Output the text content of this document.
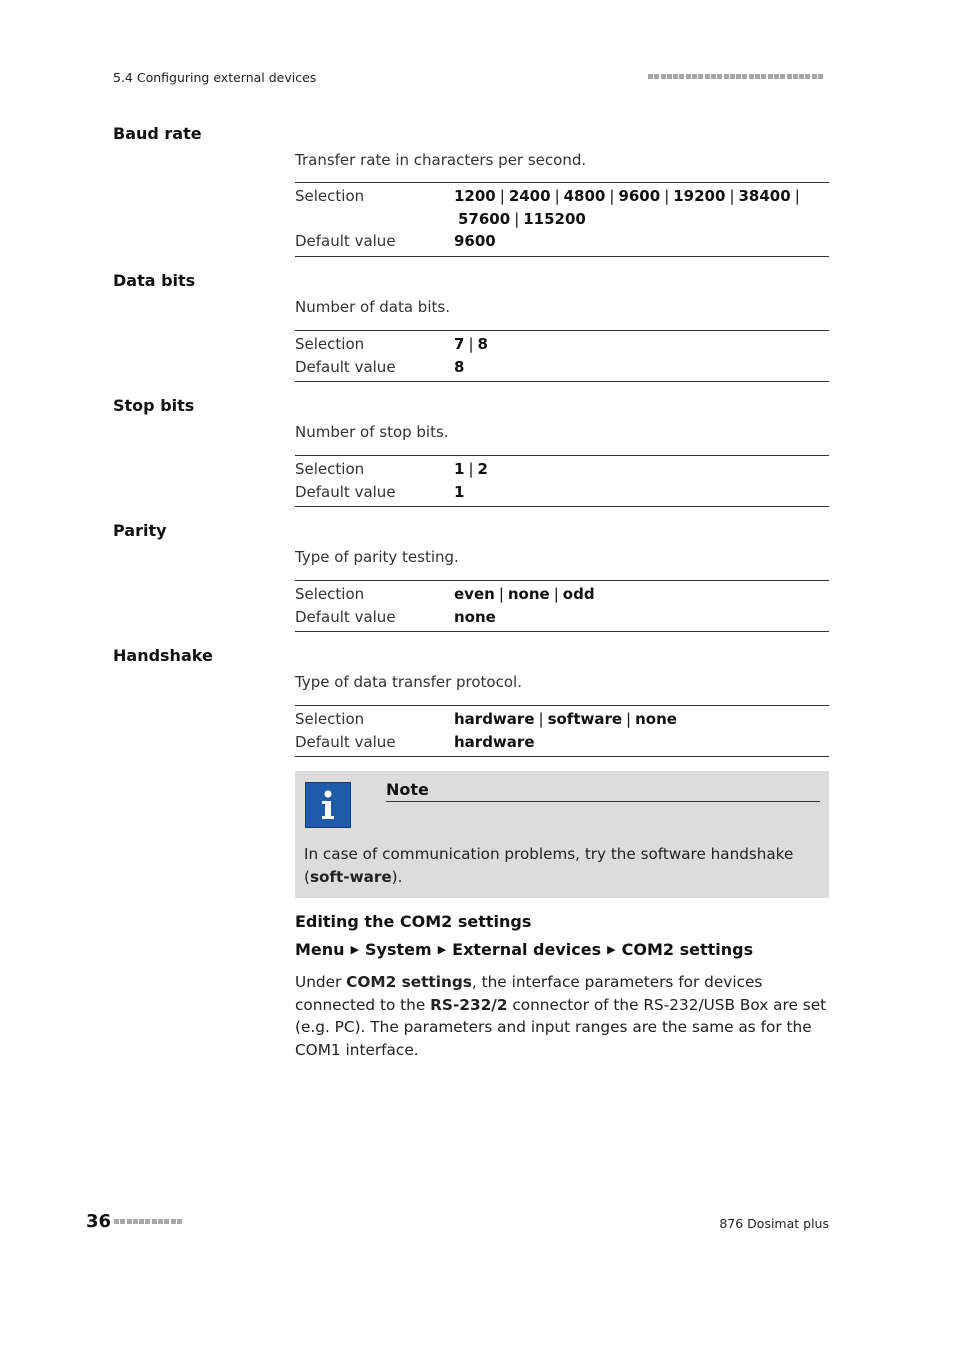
5.4 Configuring external devices
Baud rate
Transfer rate in characters per second.
Selection	1200 | 2400 | 4800 | 9600 | 19200 | 38400 |
57600 | 115200
Default value	9600
Data bits
Number of data bits.
Selection	7 | 8
Default value	8
Stop bits
Number of stop bits.
Selection	1 | 2
Default value	1
Parity
Type of parity testing.
Selection	even | none | odd
Default value	none
Handshake
Type of data transfer protocol.
Selection	hardware | software | none
Default value	hardware
Note
In case of communication problems, try the software handshake (soft-ware).
Editing the COM2 settings
Menu ▶ System ▶ External devices ▶ COM2 settings
Under COM2 settings, the interface parameters for devices connected to the RS-232/2 connector of the RS-232/USB Box are set (e.g. PC). The parameters and input ranges are the same as for the COM1 interface.
36	876 Dosimat plus
